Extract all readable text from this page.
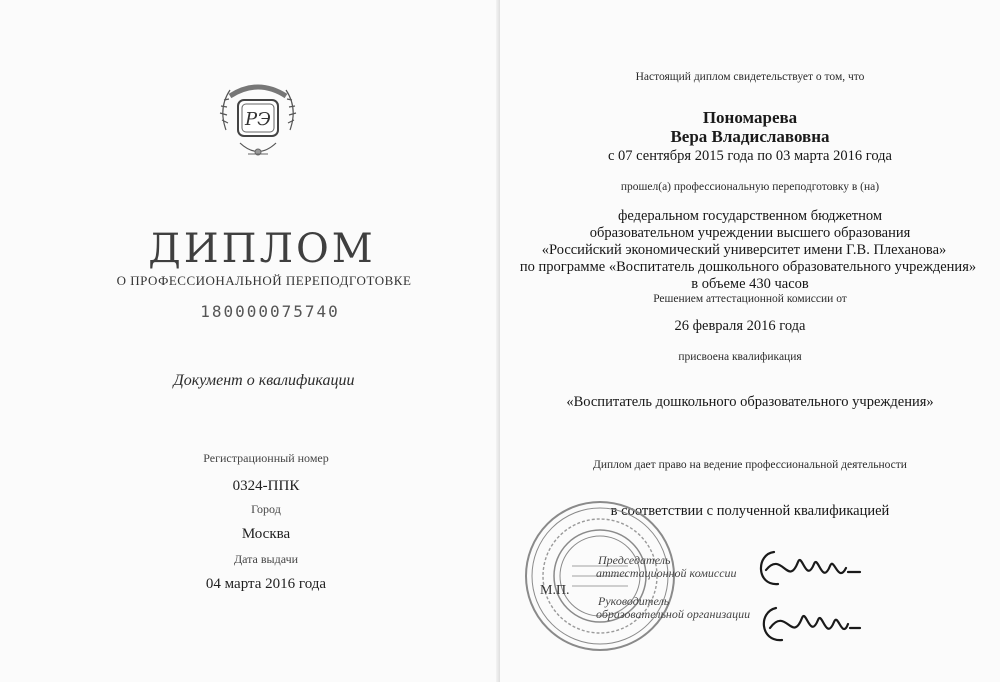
РЭ
ДИПЛОМ
О ПРОФЕССИОНАЛЬНОЙ ПЕРЕПОДГОТОВКЕ
180000075740
Документ о квалификации
Регистрационный номер
0324-ППК
Город
Москва
Дата выдачи
04 марта 2016 года
Настоящий диплом свидетельствует о том, что
Пономарева
Вера Владиславовна
с 07 сентября 2015 года по 03 марта 2016 года
прошел(а) профессиональную переподготовку в (на)
федеральном государственном бюджетном
образовательном учреждении высшего образования
«Российский экономический университет имени Г.В. Плеханова»
по программе «Воспитатель дошкольного образовательного учреждения»
в объеме 430 часов
Решением аттестационной комиссии от
26 февраля 2016 года
присвоена квалификация
«Воспитатель дошкольного образовательного учреждения»
Диплом дает право на ведение профессиональной деятельности
в соответствии с полученной квалификацией
М.П.
Председатель
аттестационной комиссии
Руководитель
образовательной организации
